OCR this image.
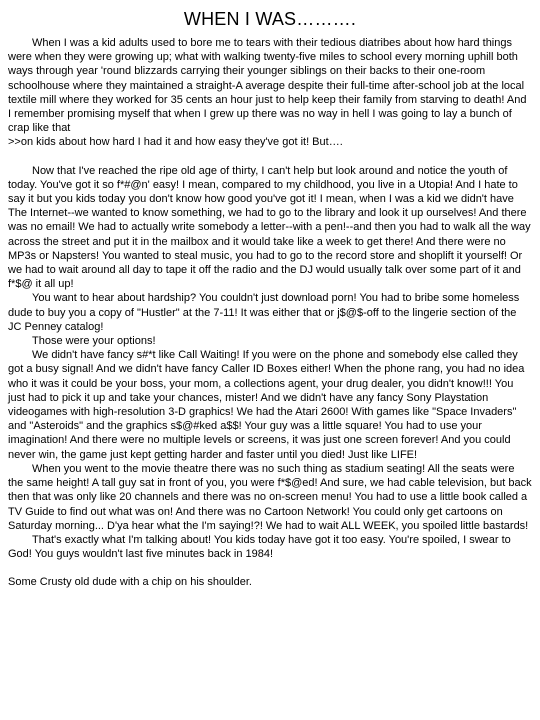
WHEN I WAS……….

When I was a kid adults used to bore me to tears with their tedious diatribes about how hard things were when they were growing up; what with walking twenty-five miles to school every morning uphill both ways through year 'round blizzards carrying their younger siblings on their backs to their one-room schoolhouse where they maintained a straight-A average despite their full-time after-school job at the local textile mill where they worked for 35 cents an hour just to help keep their family from starving to death! And I remember promising myself that when I grew up there was no way in hell I was going to lay a bunch of crap like that

>>on kids about how hard I had it and how easy they've got it! But….

Now that I've reached the ripe old age of thirty, I can't help but look around and notice the youth of today. You've got it so f*#@n' easy! I mean, compared to my childhood, you live in a Utopia! And I hate to say it but you kids today you don't know how good you've got it! I mean, when I was a kid we didn't have The Internet--we wanted to know something, we had to go to the library and look it up ourselves! And there was no email! We had to actually write somebody a letter--with a pen!--and then you had to walk all the way across the street and put it in the mailbox and it would take like a week to get there! And there were no MP3s or Napsters! You wanted to steal music, you had to go to the record store and shoplift it yourself! Or we had to wait around all day to tape it off the radio and the DJ would usually talk over some part of it and f*$@ it all up!

You want to hear about hardship? You couldn't just download porn! You had to bribe some homeless dude to buy you a copy of "Hustler" at the 7-11! It was either that or j$@$-off to the lingerie section of the JC Penney catalog!

Those were your options!

We didn't have fancy s#*t like Call Waiting! If you were on the phone and somebody else called they got a busy signal! And we didn't have fancy Caller ID Boxes either! When the phone rang, you had no idea who it was it could be your boss, your mom, a collections agent, your drug dealer, you didn't know!!! You just had to pick it up and take your chances, mister! And we didn't have any fancy Sony Playstation videogames with high-resolution 3-D graphics! We had the Atari 2600! With games like "Space Invaders" and "Asteroids" and the graphics s$@#ked a$$! Your guy was a little square! You had to use your imagination! And there were no multiple levels or screens, it was just one screen forever! And you could never win, the game just kept getting harder and faster until you died! Just like LIFE!

When you went to the movie theatre there was no such thing as stadium seating! All the seats were the same height! A tall guy sat in front of you, you were f*$@ed! And sure, we had cable television, but back then that was only like 20 channels and there was no on-screen menu! You had to use a little book called a TV Guide to find out what was on! And there was no Cartoon Network! You could only get cartoons on Saturday morning... D'ya hear what the I'm saying!?! We had to wait ALL WEEK, you spoiled little bastards!

That's exactly what I'm talking about! You kids today have got it too easy. You're spoiled, I swear to God! You guys wouldn't last five minutes back in 1984!

Some Crusty old dude with a chip on his shoulder.
